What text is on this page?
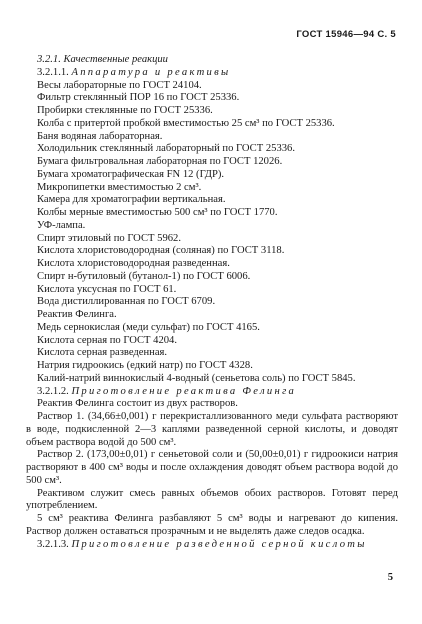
ГОСТ 15946—94 С. 5

3.2.1. Качественные реакции

3.2.1.1. Аппаратура и реактивы

Весы лабораторные по ГОСТ 24104.

Фильтр стеклянный ПОР 16 по ГОСТ 25336.

Пробирки стеклянные по ГОСТ 25336.

Колба с притертой пробкой вместимостью 25 см³ по ГОСТ 25336.

Баня водяная лабораторная.

Холодильник стеклянный лабораторный по ГОСТ 25336.

Бумага фильтровальная лабораторная по ГОСТ 12026.

Бумага хроматографическая FN 12 (ГДР).

Микропипетки вместимостью 2 см³.

Камера для хроматографии вертикальная.

Колбы мерные вместимостью 500 см³ по ГОСТ 1770.

УФ-лампа.

Спирт этиловый по ГОСТ 5962.

Кислота хлористоводородная (соляная) по ГОСТ 3118.

Кислота хлористоводородная разведенная.

Спирт н-бутиловый (бутанол-1) по ГОСТ 6006.

Кислота уксусная по ГОСТ 61.

Вода дистиллированная по ГОСТ 6709.

Реактив Фелинга.

Медь сернокислая (меди сульфат) по ГОСТ 4165.

Кислота серная по ГОСТ 4204.

Кислота серная разведенная.

Натрия гидроокись (едкий натр) по ГОСТ 4328.

Калий-натрий виннокислый 4-водный (сеньетова соль) по ГОСТ 5845.

3.2.1.2. Приготовление реактива Фелинга

Реактив Фелинга состоит из двух растворов.

Раствор 1. (34,66±0,001) г перекристаллизованного меди сульфата растворяют в воде, подкисленной 2—3 каплями разведенной серной кислоты, и доводят объем раствора водой до 500 см³.

Раствор 2. (173,00±0,01) г сеньетовой соли и (50,00±0,01) г гидроокиси натрия растворяют в 400 см³ воды и после охлаждения доводят объем раствора водой до 500 см³.

Реактивом служит смесь равных объемов обоих растворов. Готовят перед употреблением.

5 см³ реактива Фелинга разбавляют 5 см³ воды и нагревают до кипения. Раствор должен оставаться прозрачным и не выделять даже следов осадка.

3.2.1.3. Приготовление разведенной серной кислоты

5
